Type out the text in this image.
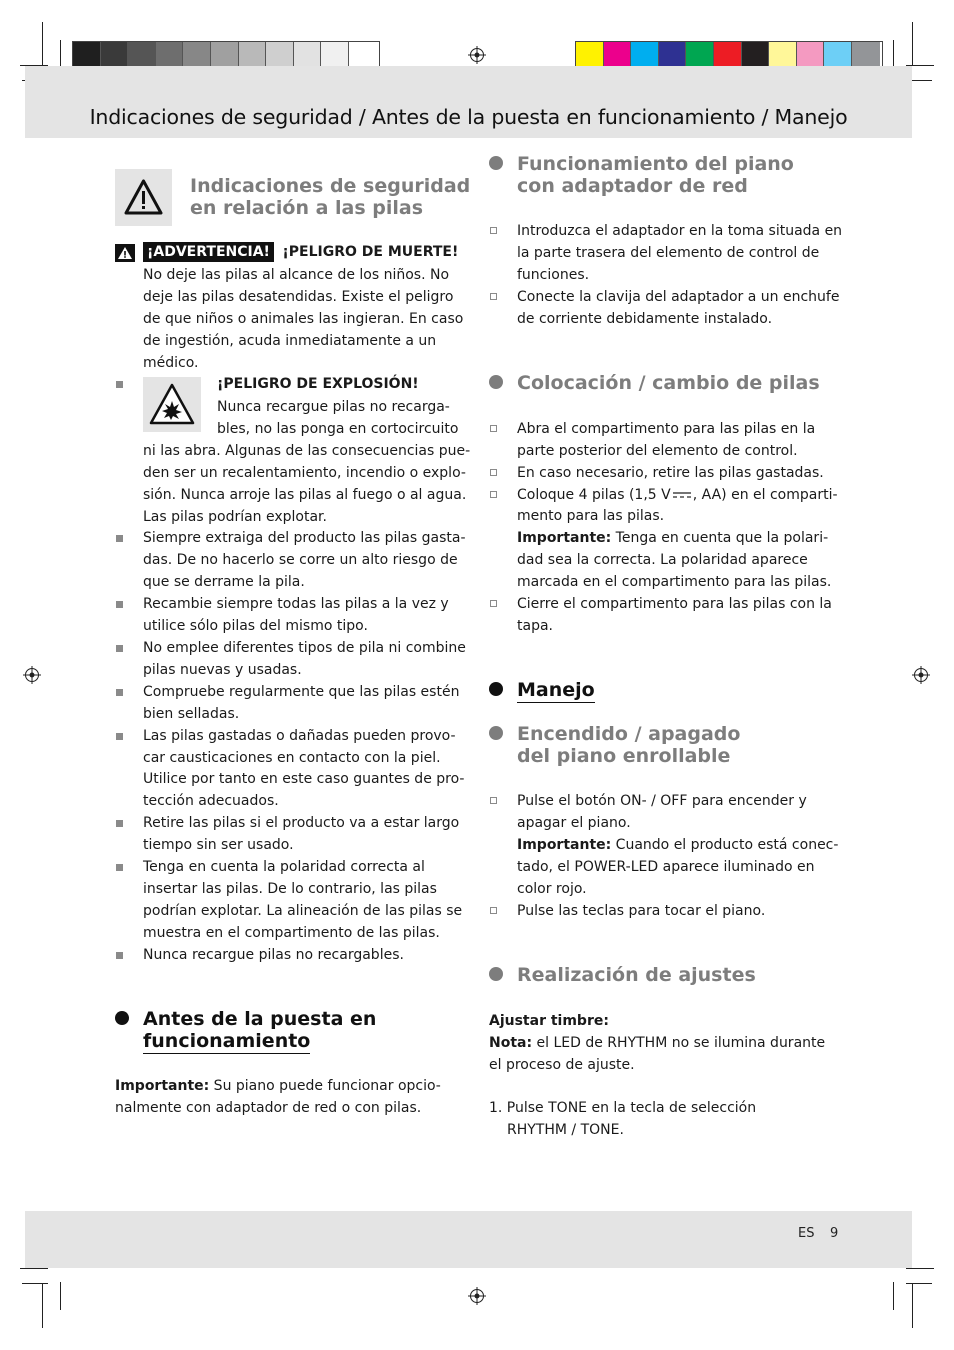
Indicaciones de seguridad / Antes de la puesta en funcionamiento / Manejo
Indicaciones de seguridad
en relación a las pilas
¡ADVERTENCIA! ¡PELIGRO DE MUERTE!
No deje las pilas al alcance de los niños. No
deje las pilas desatendidas. Existe el peligro
de que niños o animales las ingieran. En caso
de ingestión, acuda inmediatamente a un
médico.
¡PELIGRO DE EXPLOSIÓN!
Nunca recargue pilas no recarga-
bles, no las ponga en cortocircuito
ni las abra. Algunas de las consecuencias pue-
den ser un recalentamiento, incendio o explo-
sión. Nunca arroje las pilas al fuego o al agua.
Las pilas podrían explotar.
Siempre extraiga del producto las pilas gasta-
das. De no hacerlo se corre un alto riesgo de
que se derrame la pila.
Recambie siempre todas las pilas a la vez y
utilice sólo pilas del mismo tipo.
No emplee diferentes tipos de pila ni combine
pilas nuevas y usadas.
Compruebe regularmente que las pilas estén
bien selladas.
Las pilas gastadas o dañadas pueden provo-
car causticaciones en contacto con la piel.
Utilice por tanto en este caso guantes de pro-
tección adecuados.
Retire las pilas si el producto va a estar largo
tiempo sin ser usado.
Tenga en cuenta la polaridad correcta al
insertar las pilas. De lo contrario, las pilas
podrían explotar. La alineación de las pilas se
muestra en el compartimento de las pilas.
Nunca recargue pilas no recargables.
Antes de la puesta en
funcionamiento
Importante: Su piano puede funcionar opcio-
nalmente con adaptador de red o con pilas.
Funcionamiento del piano
con adaptador de red
Introduzca el adaptador en la toma situada en
la parte trasera del elemento de control de
funciones.
Conecte la clavija del adaptador a un enchufe
de corriente debidamente instalado.
Colocación / cambio de pilas
Abra el compartimento para las pilas en la
parte posterior del elemento de control.
En caso necesario, retire las pilas gastadas.
Coloque 4 pilas (1,5 V , AA) en el comparti-
mento para las pilas.
Importante: Tenga en cuenta que la polari-
dad sea la correcta. La polaridad aparece
marcada en el compartimento para las pilas.
Cierre el compartimento para las pilas con la
tapa.
Manejo
Encendido / apagado
del piano enrollable
Pulse el botón ON- / OFF para encender y
apagar el piano.
Importante: Cuando el producto está conec-
tado, el POWER-LED aparece iluminado en
color rojo.
Pulse las teclas para tocar el piano.
Realización de ajustes
Ajustar timbre:
Nota: el LED de RHYTHM no se ilumina durante
el proceso de ajuste.
1. Pulse TONE en la tecla de selección
RHYTHM / TONE.
ES 9
